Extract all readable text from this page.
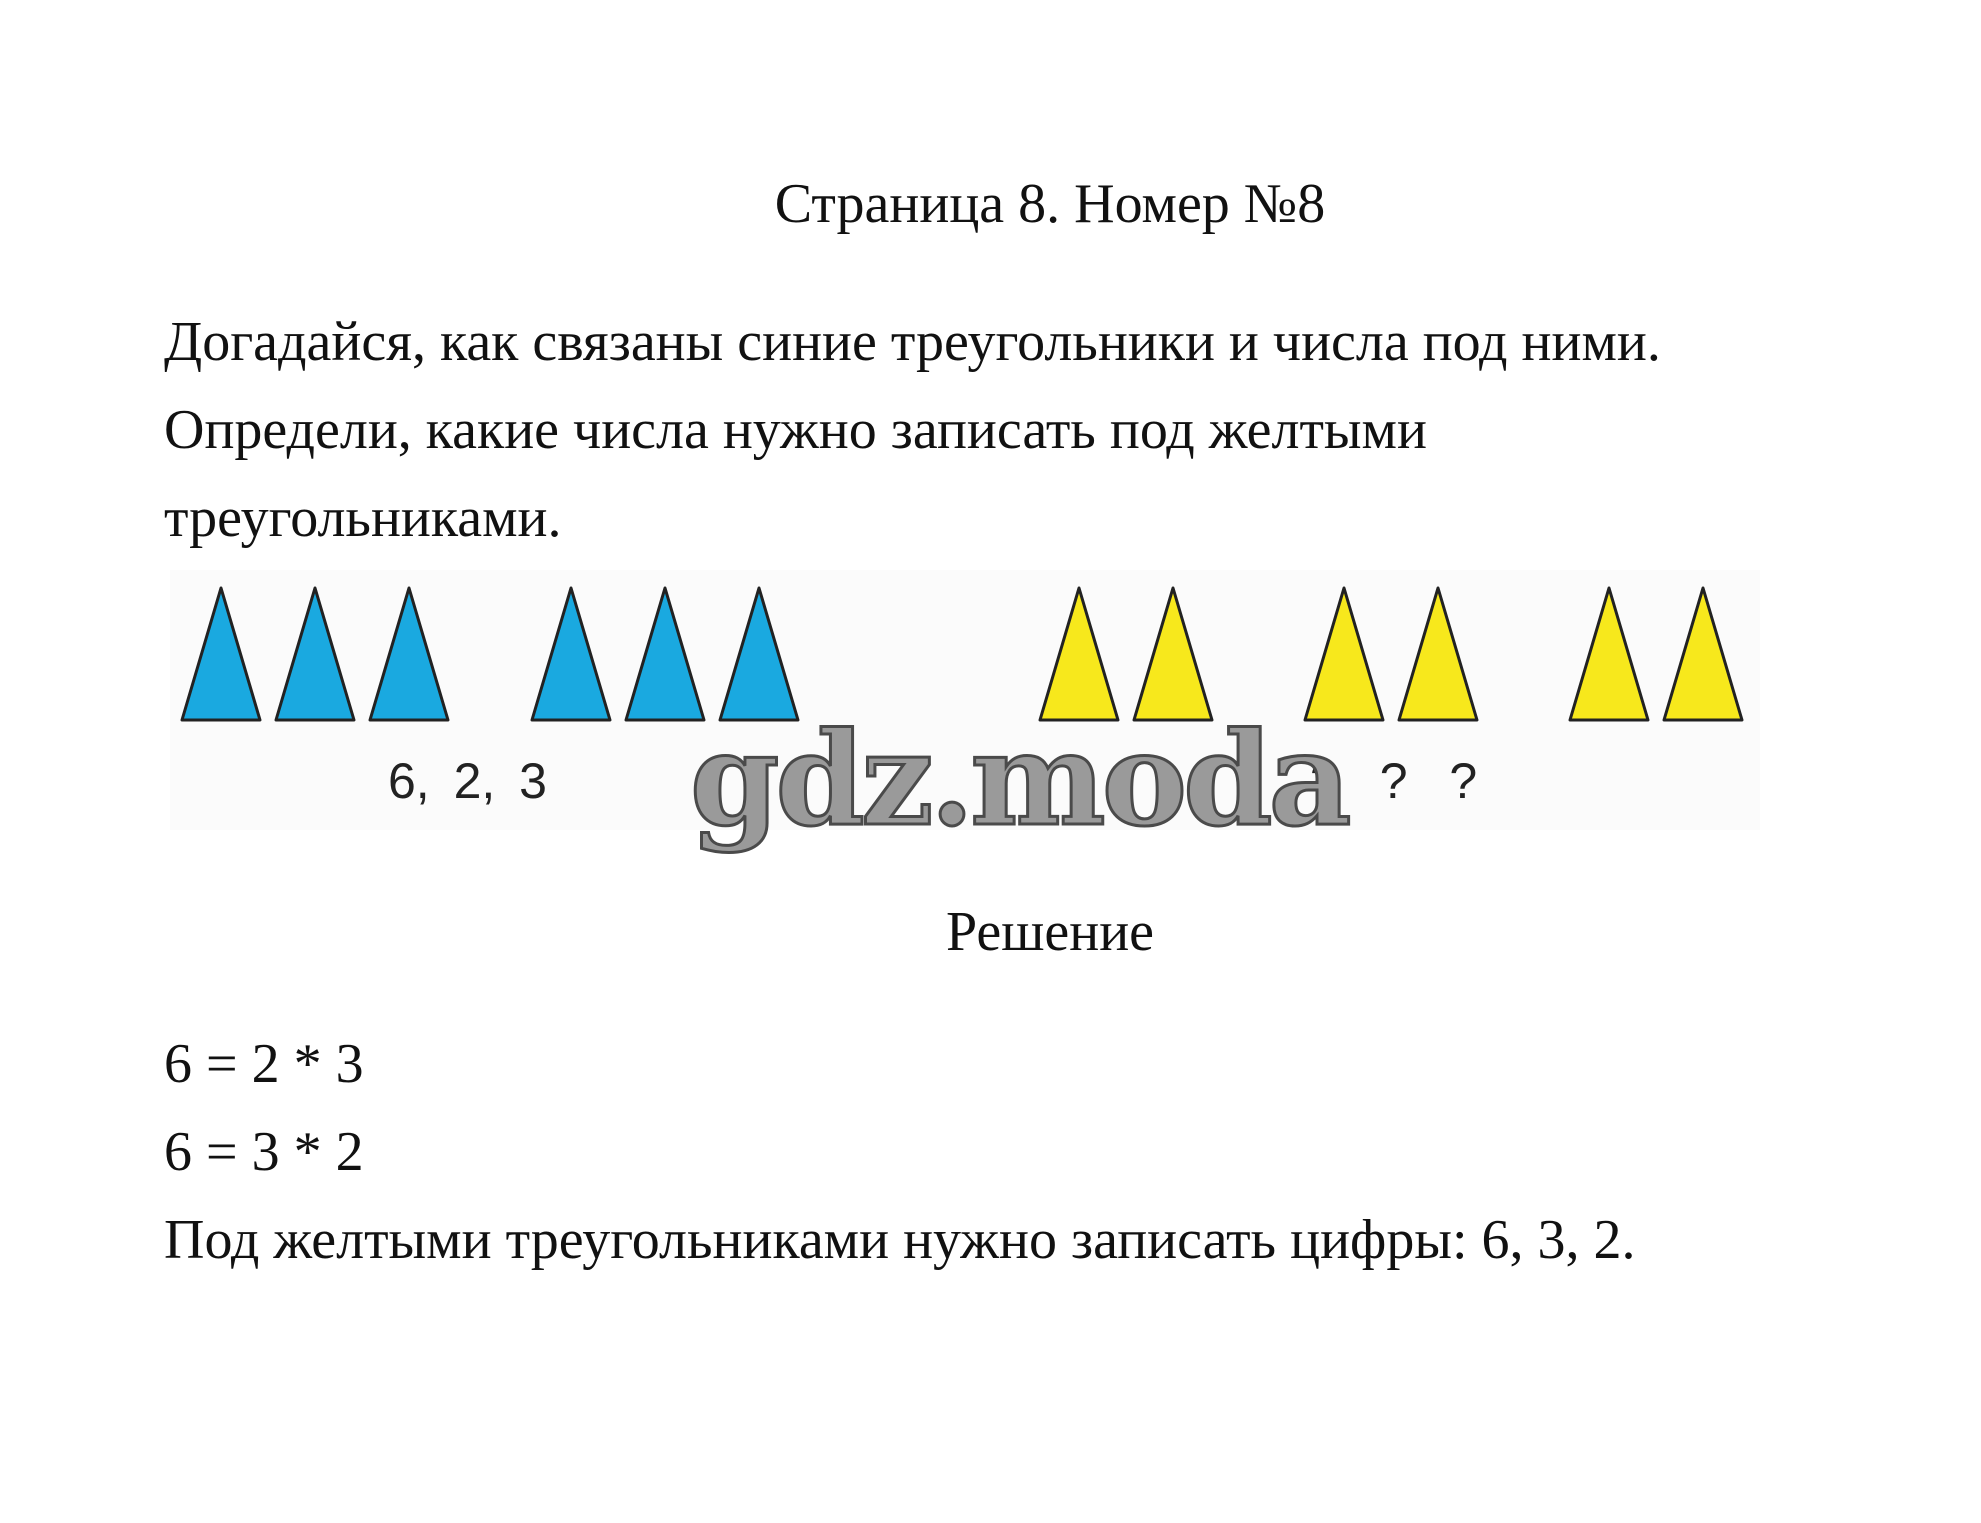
Страница 8. Номер №8
Догадайся, как связаны синие треугольники и числа под ними.
Определи, какие числа нужно записать под желтыми
треугольниками.
6, 2, 3	? ? ?
gdz.moda
Решение
6 = 2 * 3
6 = 3 * 2
Под желтыми треугольниками нужно записать цифры: 6, 3, 2.
